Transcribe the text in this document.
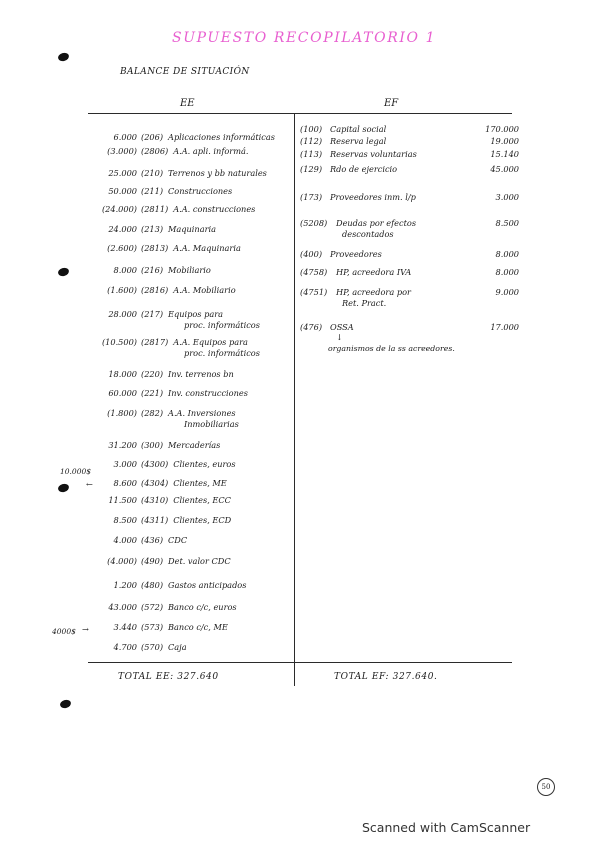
SUPUESTO RECOPILATORIO 1
BALANCE DE SITUACIÓN
EE	EF
6.000 (206) Aplicaciones informáticas
(3.000) (2806) A.A. apli. informá.
25.000 (210) Terrenos y bb naturales
50.000 (211) Construcciones
(24.000) (2811) A.A. construcciones
24.000 (213) Maquinaria
(2.600) (2813) A.A. Maquinaria
8.000 (216) Mobiliario
(1.600) (2816) A.A. Mobiliario
28.000 (217) Equipos para
proc. informáticos
(10.500) (2817) A.A. Equipos para
proc. informáticos
18.000 (220) Inv. terrenos bn
60.000 (221) Inv. construcciones
(1.800) (282) A.A. Inversiones
Inmobiliarias
31.200 (300) Mercaderías
3.000 (4300) Clientes, euros
8.600 (4304) Clientes, ME
11.500 (4310) Clientes, ECC
8.500 (4311) Clientes, ECD
4.000 (436) CDC
(4.000) (490) Det. valor CDC
1.200 (480) Gastos anticipados
43.000 (572) Banco c/c, euros
3.440 (573) Banco c/c, ME
4.700 (570) Caja
(100) Capital social	170.000
(112) Reserva legal	19.000
(113) Reservas voluntarias	15.140
(129) Rdo de ejercicio	45.000
(173) Proveedores inm. l/p	3.000
(5208) Deudas por efectos	8.500
descontados
(400) Proveedores	8.000
(4758) HP, acreedora IVA	8.000
(4751) HP, acreedora por	9.000
Ret. Pract.
(476) OSSA	17.000
↓
organismos de la ss acreedores.
10.000$
4000$
←
→
TOTAL EE: 327.640	TOTAL EF: 327.640.
50
Scanned with CamScanner
